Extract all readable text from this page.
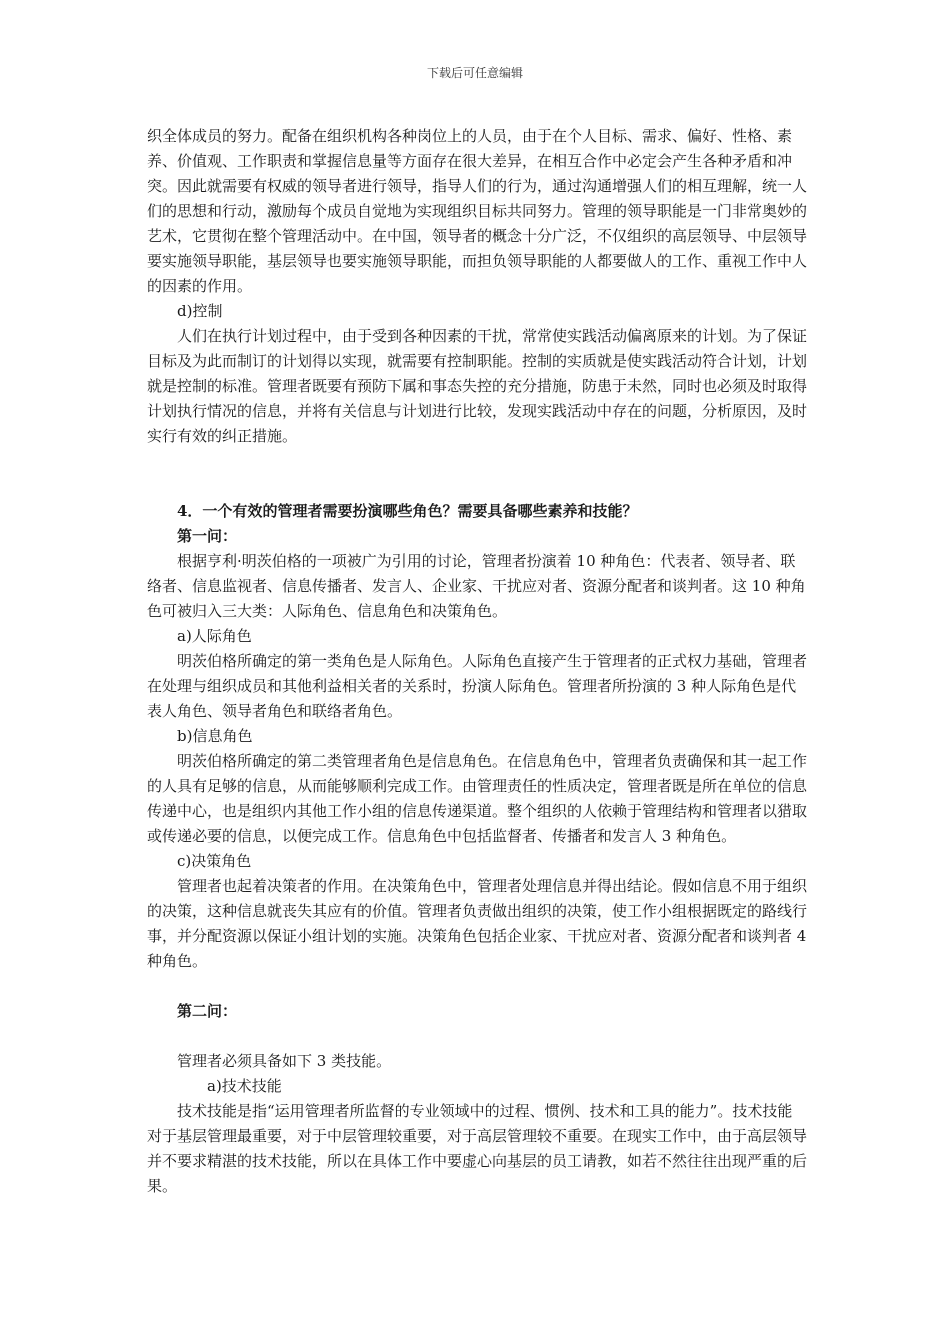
下载后可任意编辑

织全体成员的努力。配备在组织机构各种岗位上的人员，由于在个人目标、需求、偏好、性格、素养、价值观、工作职责和掌握信息量等方面存在很大差异，在相互合作中必定会产生各种矛盾和冲突。因此就需要有权威的领导者进行领导，指导人们的行为，通过沟通增强人们的相互理解，统一人们的思想和行动，激励每个成员自觉地为实现组织目标共同努力。管理的领导职能是一门非常奥妙的艺术，它贯彻在整个管理活动中。在中国，领导者的概念十分广泛，不仅组织的高层领导、中层领导要实施领导职能，基层领导也要实施领导职能，而担负领导职能的人都要做人的工作、重视工作中人的因素的作用。

d)控制

人们在执行计划过程中，由于受到各种因素的干扰，常常使实践活动偏离原来的计划。为了保证目标及为此而制订的计划得以实现，就需要有控制职能。控制的实质就是使实践活动符合计划，计划就是控制的标准。管理者既要有预防下属和事态失控的充分措施，防患于未然，同时也必须及时取得计划执行情况的信息，并将有关信息与计划进行比较，发现实践活动中存在的问题，分析原因，及时实行有效的纠正措施。

4．一个有效的管理者需要扮演哪些角色？需要具备哪些素养和技能？

第一问：

根据亨利·明茨伯格的一项被广为引用的讨论，管理者扮演着 10 种角色：代表者、领导者、联络者、信息监视者、信息传播者、发言人、企业家、干扰应对者、资源分配者和谈判者。这 10 种角色可被归入三大类：人际角色、信息角色和决策角色。

a)人际角色

明茨伯格所确定的第一类角色是人际角色。人际角色直接产生于管理者的正式权力基础，管理者在处理与组织成员和其他利益相关者的关系时，扮演人际角色。管理者所扮演的 3 种人际角色是代表人角色、领导者角色和联络者角色。

b)信息角色

明茨伯格所确定的第二类管理者角色是信息角色。在信息角色中，管理者负责确保和其一起工作的人具有足够的信息，从而能够顺利完成工作。由管理责任的性质决定，管理者既是所在单位的信息传递中心，也是组织内其他工作小组的信息传递渠道。整个组织的人依赖于管理结构和管理者以猎取或传递必要的信息，以便完成工作。信息角色中包括监督者、传播者和发言人 3 种角色。

c)决策角色

管理者也起着决策者的作用。在决策角色中，管理者处理信息并得出结论。假如信息不用于组织的决策，这种信息就丧失其应有的价值。管理者负责做出组织的决策，使工作小组根据既定的路线行事，并分配资源以保证小组计划的实施。决策角色包括企业家、干扰应对者、资源分配者和谈判者 4 种角色。

第二问：

管理者必须具备如下 3 类技能。

a)技术技能

技术技能是指“运用管理者所监督的专业领域中的过程、惯例、技术和工具的能力”。技术技能对于基层管理最重要，对于中层管理较重要，对于高层管理较不重要。在现实工作中，由于高层领导并不要求精湛的技术技能，所以在具体工作中要虚心向基层的员工请教，如若不然往往出现严重的后果。
